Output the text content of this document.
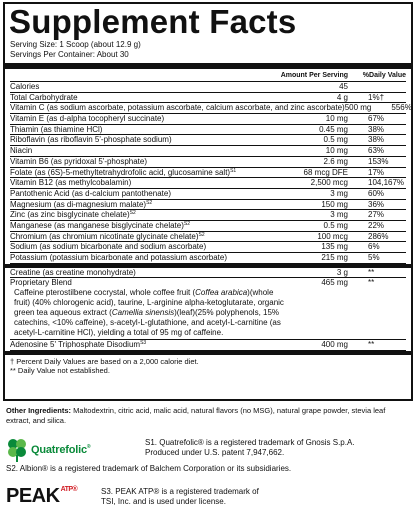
Supplement Facts
Serving Size: 1 Scoop (about 12.9 g)
Servings Per Container: About 30
Amount Per Serving	%Daily Value
Calories	45
Total Carbohydrate	4 g	1%†
Vitamin C (as sodium ascorbate, potassium ascorbate, calcium ascorbate, and zinc ascorbate) 500 mg	556%
Vitamin E (as d-alpha tocopheryl succinate)	10 mg	67%
Thiamin (as thiamine HCl)	0.45 mg	38%
Riboflavin (as riboflavin 5'-phosphate sodium)	0.5 mg	38%
Niacin	10 mg	63%
Vitamin B6 (as pyridoxal 5'-phosphate)	2.6 mg	153%
Folate (as (6S)-5-methyltetrahydrofolic acid, glucosamine salt)$^{S1}$	68 mcg DFE	17%
Vitamin B12 (as methylcobalamin)	2,500 mcg	104,167%
Pantothenic Acid (as d-calcium pantothenate)	3 mg	60%
Magnesium (as di-magnesium malate)$^{S2}$	150 mg	36%
Zinc (as zinc bisglycinate chelate)$^{S2}$	3 mg	27%
Manganese (as manganese bisglycinate chelate)$^{S2}$	0.5 mg	22%
Chromium (as chromium nicotinate glycinate chelate)$^{S2}$	100 mcg	286%
Sodium (as sodium bicarbonate and sodium ascorbate)	135 mg	6%
Potassium (potassium bicarbonate and potassium ascorbate)	215 mg	5%
Creatine (as creatine monohydrate)	3 g	**
Proprietary Blend	465 mg	**
Caffeine pterostilbene cocrystal, whole coffee fruit (Coffea arabica)(whole fruit) (40% chlorogenic acid), taurine, L-arginine alpha-ketoglutarate, organic green tea aqueous extract (Camellia sinensis)(leaf)(25% polyphenols, 15% catechins, <10% caffeine), s-acetyl-L-glutathione, and acetyl-L-carnitine (as acetyl-L-carnitine HCl), yielding a total of 95 mg of caffeine.
Adenosine 5' Triphosphate Disodium$^{S3}$	400 mg	**
† Percent Daily Values are based on a 2,000 calorie diet.
** Daily Value not established.
Other Ingredients: Maltodextrin, citric acid, malic acid, natural flavors (no MSG), natural grape powder, stevia leaf extract, and silica.
Quatrefolic®	S1. Quatrefolic® is a registered trademark of Gnosis S.p.A.
Produced under U.S. patent 7,947,662.
S2. Albion® is a registered trademark of Balchem Corporation or its subsidiaries.
$PEAK^{ATP®}$	S3. PEAK ATP® is a registered trademark of
TSI, Inc. and is used under license.
